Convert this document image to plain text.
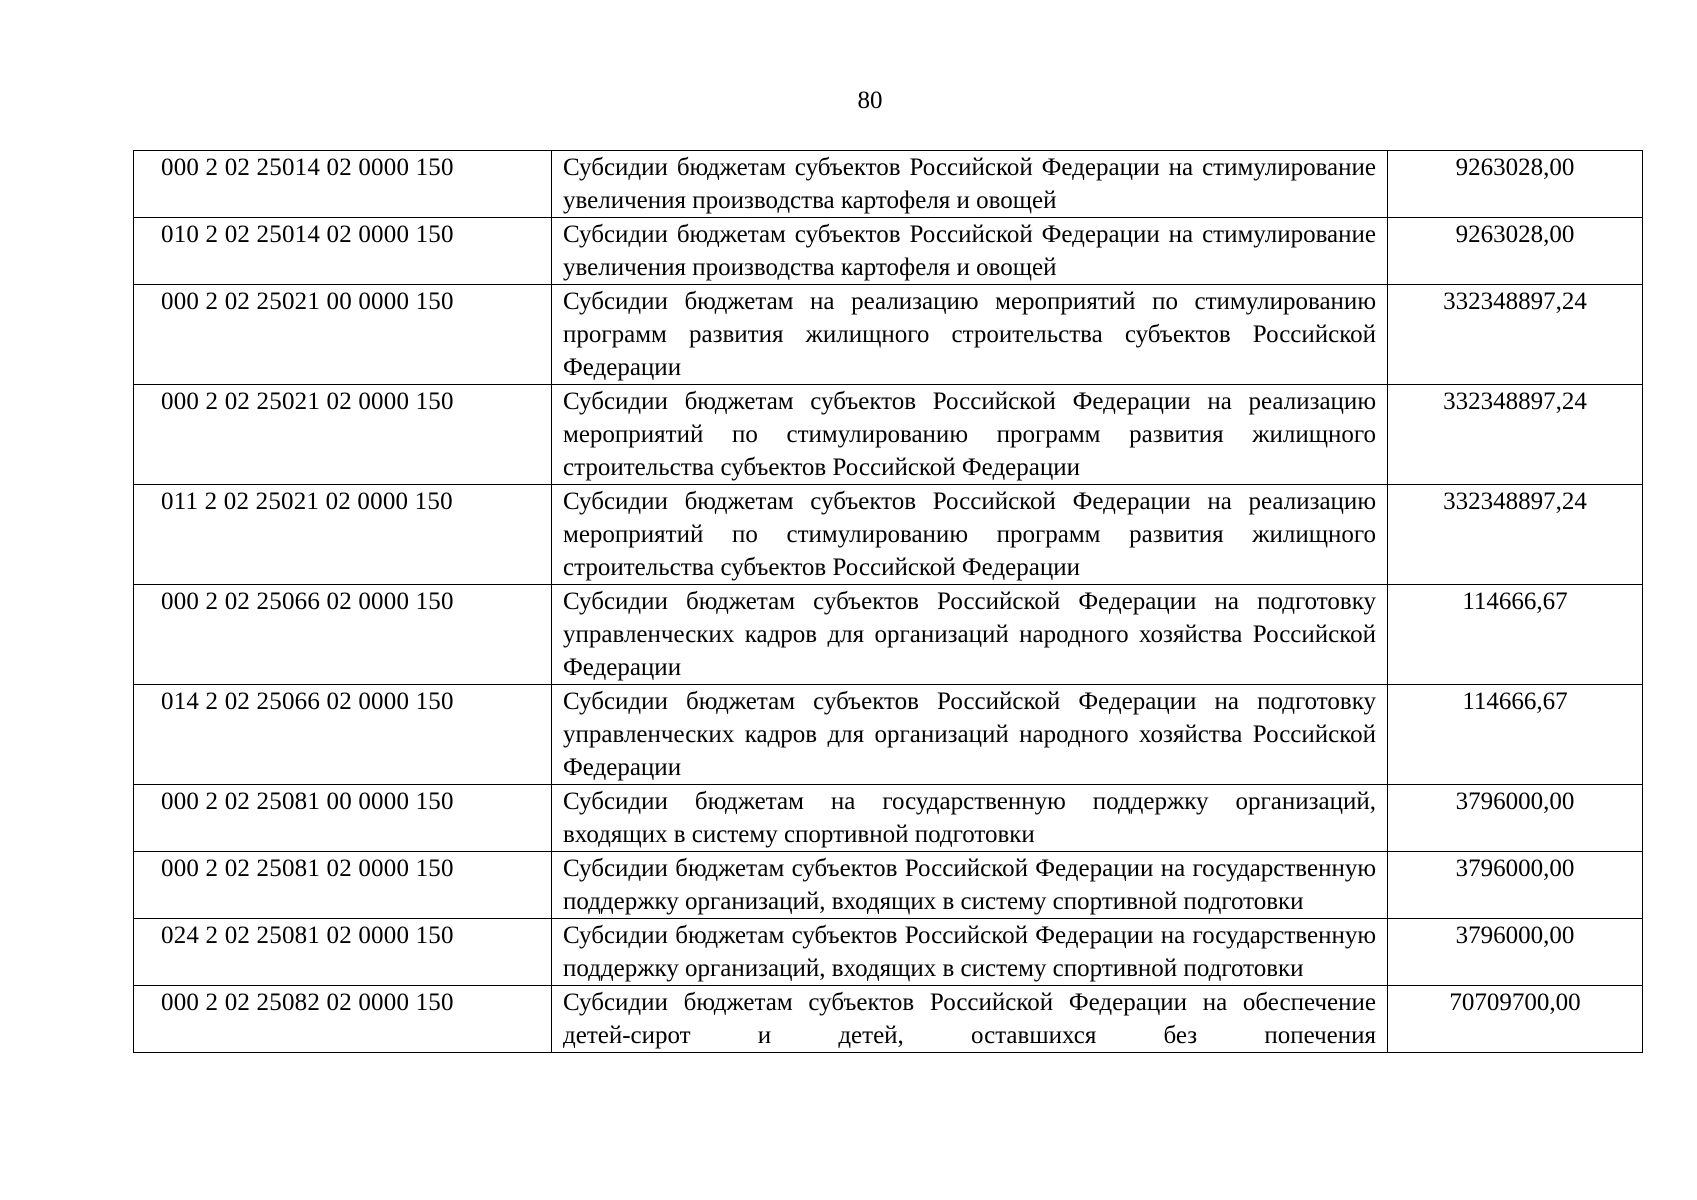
80
000 2 02 25014 02 0000 150	Субсидии бюджетам субъектов Российской Федерации на стимулирование увеличения производства картофеля и овощей	9263028,00
010 2 02 25014 02 0000 150	Субсидии бюджетам субъектов Российской Федерации на стимулирование увеличения производства картофеля и овощей	9263028,00
000 2 02 25021 00 0000 150	Субсидии бюджетам на реализацию мероприятий по стимулированию программ развития жилищного строительства субъектов Российской Федерации	332348897,24
000 2 02 25021 02 0000 150	Субсидии бюджетам субъектов Российской Федерации на реализацию мероприятий по стимулированию программ развития жилищного строительства субъектов Российской Федерации	332348897,24
011 2 02 25021 02 0000 150	Субсидии бюджетам субъектов Российской Федерации на реализацию мероприятий по стимулированию программ развития жилищного строительства субъектов Российской Федерации	332348897,24
000 2 02 25066 02 0000 150	Субсидии бюджетам субъектов Российской Федерации на подготовку управленческих кадров для организаций народного хозяйства Российской Федерации	114666,67
014 2 02 25066 02 0000 150	Субсидии бюджетам субъектов Российской Федерации на подготовку управленческих кадров для организаций народного хозяйства Российской Федерации	114666,67
000 2 02 25081 00 0000 150	Субсидии бюджетам на государственную поддержку организаций, входящих в систему спортивной подготовки	3796000,00
000 2 02 25081 02 0000 150	Субсидии бюджетам субъектов Российской Федерации на государственную поддержку организаций, входящих в систему спортивной подготовки	3796000,00
024 2 02 25081 02 0000 150	Субсидии бюджетам субъектов Российской Федерации на государственную поддержку организаций, входящих в систему спортивной подготовки	3796000,00
000 2 02 25082 02 0000 150	Субсидии бюджетам субъектов Российской Федерации на обеспечение детей-сирот и детей, оставшихся без попечения	70709700,00
